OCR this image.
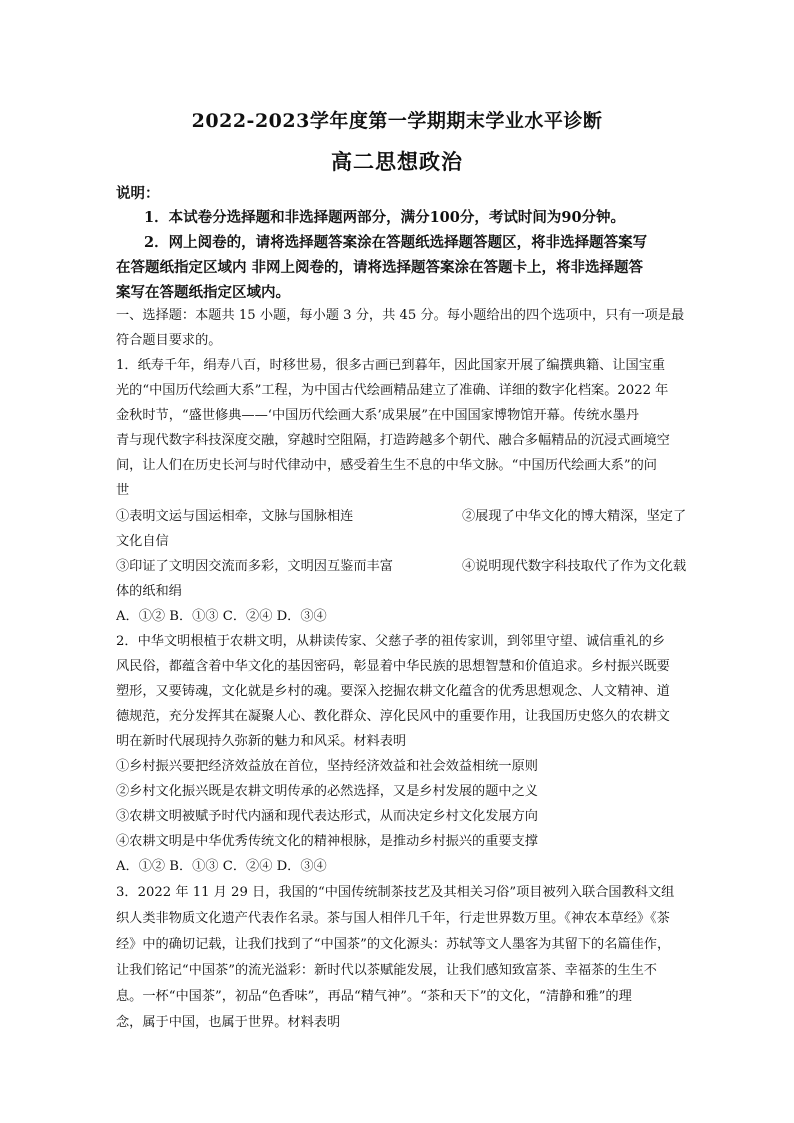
2022-2023学年度第一学期期末学业水平诊断
高二思想政治
说明：
1．本试卷分选择题和非选择题两部分，满分100分，考试时间为90分钟。
2．网上阅卷的，请将选择题答案涂在答题纸选择题答题区，将非选择题答案写
在答题纸指定区域内 非网上阅卷的，请将选择题答案涂在答题卡上，将非选择题答
案写在答题纸指定区域内。
一、选择题：本题共 15 小题，每小题 3 分，共 45 分。每小题给出的四个选项中，只有一项是最
符合题目要求的。
1．纸寿千年，绢寿八百，时移世易，很多古画已到暮年，因此国家开展了编撰典籍、让国宝重
光的“中国历代绘画大系”工程，为中国古代绘画精品建立了准确、详细的数字化档案。2022 年
金秋时节，“盛世修典——‘中国历代绘画大系’成果展”在中国国家博物馆开幕。传统水墨丹
青与现代数字科技深度交融，穿越时空阻隔，打造跨越多个朝代、融合多幅精品的沉浸式画境空
间，让人们在历史长河与时代律动中，感受着生生不息的中华文脉。“中国历代绘画大系”的问
世
①表明文运与国运相牵，文脉与国脉相连	②展现了中华文化的博大精深，坚定了
文化自信
③印证了文明因交流而多彩，文明因互鉴而丰富	④说明现代数字科技取代了作为文化载
体的纸和绢
A．①② B．①③ C．②④ D．③④
2．中华文明根植于农耕文明，从耕读传家、父慈子孝的祖传家训，到邻里守望、诚信重礼的乡
风民俗，都蕴含着中华文化的基因密码，彰显着中华民族的思想智慧和价值追求。乡村振兴既要
塑形，又要铸魂，文化就是乡村的魂。要深入挖掘农耕文化蕴含的优秀思想观念、人文精神、道
德规范，充分发挥其在凝聚人心、教化群众、淳化民风中的重要作用，让我国历史悠久的农耕文
明在新时代展现持久弥新的魅力和风采。材料表明
①乡村振兴要把经济效益放在首位，坚持经济效益和社会效益相统一原则
②乡村文化振兴既是农耕文明传承的必然选择，又是乡村发展的题中之义
③农耕文明被赋予时代内涵和现代表达形式，从而决定乡村文化发展方向
④农耕文明是中华优秀传统文化的精神根脉，是推动乡村振兴的重要支撑
A．①② B．①③ C．②④ D．③④
3．2022 年 11 月 29 日，我国的“中国传统制茶技艺及其相关习俗”项目被列入联合国教科文组
织人类非物质文化遗产代表作名录。茶与国人相伴几千年，行走世界数万里。《神农本草经》《茶
经》中的确切记载，让我们找到了“中国茶”的文化源头：苏轼等文人墨客为其留下的名篇佳作，
让我们铭记“中国茶”的流光溢彩：新时代以茶赋能发展，让我们感知致富茶、幸福茶的生生不
息。一杯“中国茶”，初品“色香味”，再品“精气神”。“茶和天下”的文化，“清静和雅”的理
念，属于中国，也属于世界。材料表明
